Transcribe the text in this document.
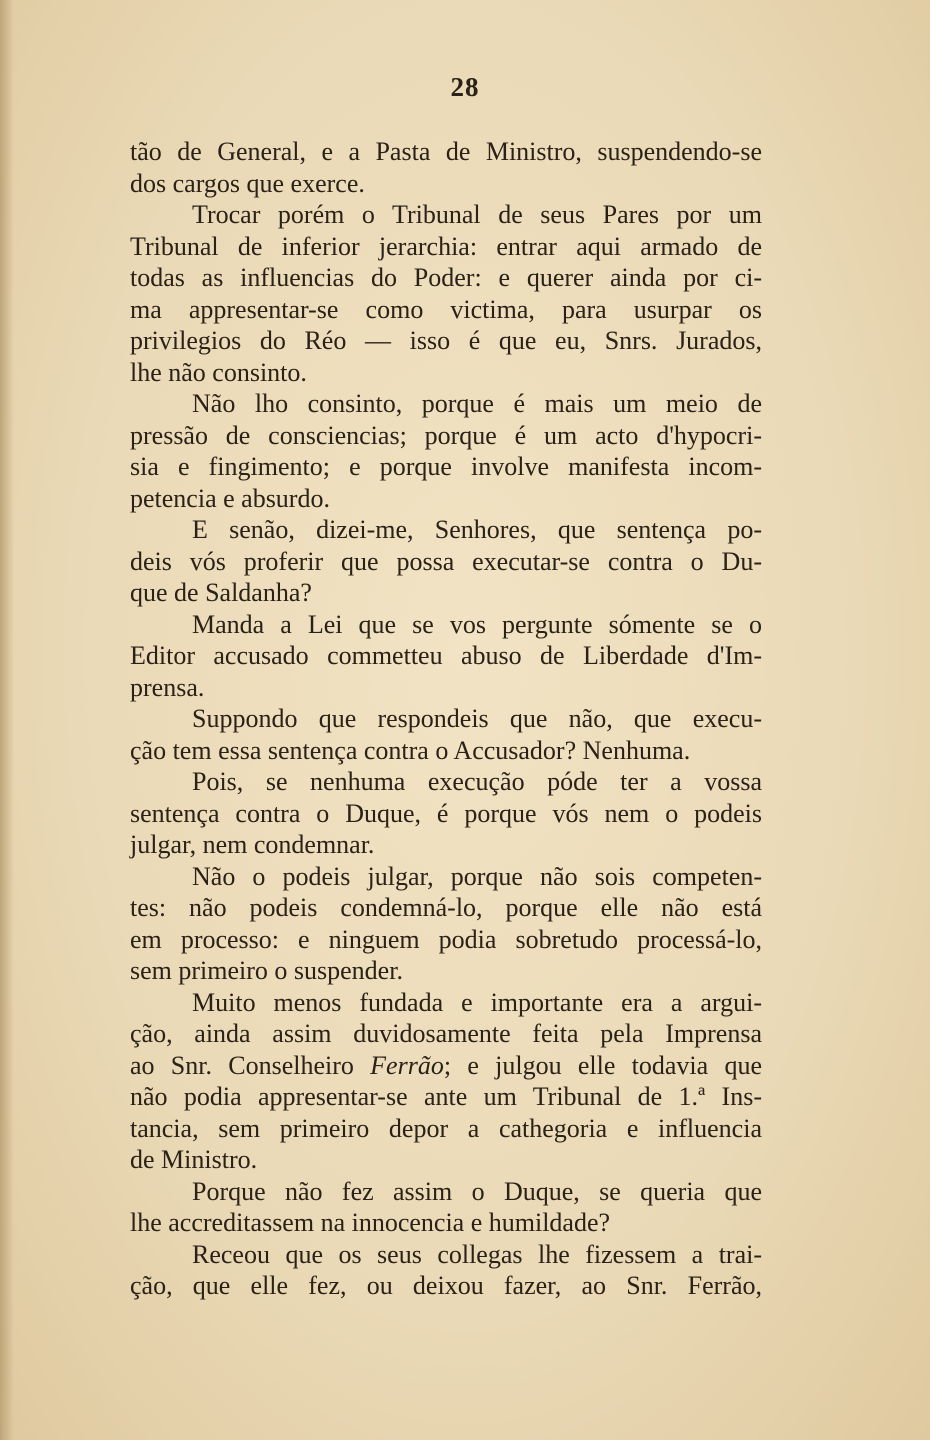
28
tão de General, e a Pasta de Ministro, suspendendo-se
dos cargos que exerce.
Trocar porém o Tribunal de seus Pares por um
Tribunal de inferior jerarchia: entrar aqui armado de
todas as influencias do Poder: e querer ainda por ci-
ma appresentar-se como victima, para usurpar os
privilegios do Réo — isso é que eu, Snrs. Jurados,
lhe não consinto.
Não lho consinto, porque é mais um meio de
pressão de consciencias; porque é um acto d'hypocri-
sia e fingimento; e porque involve manifesta incom-
petencia e absurdo.
E senão, dizei-me, Senhores, que sentença po-
deis vós proferir que possa executar-se contra o Du-
que de Saldanha?
Manda a Lei que se vos pergunte sómente se o
Editor accusado commetteu abuso de Liberdade d'Im-
prensa.
Suppondo que respondeis que não, que execu-
ção tem essa sentença contra o Accusador? Nenhuma.
Pois, se nenhuma execução póde ter a vossa
sentença contra o Duque, é porque vós nem o podeis
julgar, nem condemnar.
Não o podeis julgar, porque não sois competen-
tes: não podeis condemná-lo, porque elle não está
em processo: e ninguem podia sobretudo processá-lo,
sem primeiro o suspender.
Muito menos fundada e importante era a argui-
ção, ainda assim duvidosamente feita pela Imprensa
ao Snr. Conselheiro Ferrão; e julgou elle todavia que
não podia appresentar-se ante um Tribunal de 1.ª Ins-
tancia, sem primeiro depor a cathegoria e influencia
de Ministro.
Porque não fez assim o Duque, se queria que
lhe accreditassem na innocencia e humildade?
Receou que os seus collegas lhe fizessem a trai-
ção, que elle fez, ou deixou fazer, ao Snr. Ferrão,
